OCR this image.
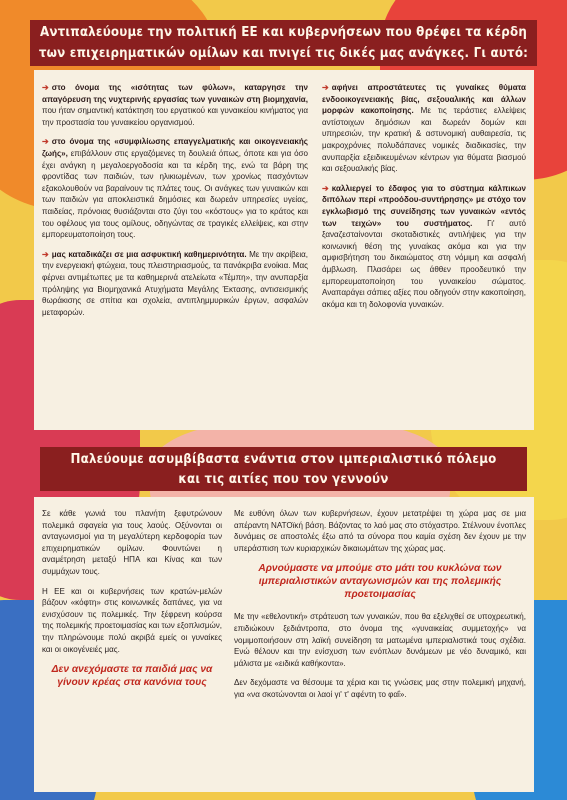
Αντιπαλεύουμε την πολιτική ΕΕ και κυβερνήσεων που θρέφει τα κέρδη
των επιχειρηματικών ομίλων και πνιγεί τις δικές μας ανάγκες. Γι αυτό:

➔ στο όνομα της «ισότητας των φύλων», καταργησε την απαγόρευση της νυχτερινής εργασίας των γυναικών στη βιομηχανία, που ήταν σημαντική κατάκτηση του εργατικού και γυναικείου κινήματος για την προστασία του γυναικείου οργανισμού.

➔ στο όνομα της «συμφιλίωσης επαγγελματικής και οικογενειακής ζωής», επιβάλλουν στις εργαζόμενες τη δουλειά όπως, όποτε και για όσο έχει ανάγκη η μεγαλοεργοδοσία και τα κέρδη της, ενώ τα βάρη της φροντίδας των παιδιών, των ηλικιωμένων, των χρονίως πασχόντων εξακολουθούν να βαραίνουν τις πλάτες τους. Οι ανάγκες των γυναικών και των παιδιών για αποκλειστικά δημόσιες και δωρεάν υπηρεσίες υγείας, παιδείας, πρόνοιας θυσιάζονται στο ζύγι του «κόστους» για το κράτος και του οφέλους για τους ομίλους, οδηγώντας σε τραγικές ελλείψεις, και στην εμπορευματοποίηση τους.

➔ μας καταδικάζει σε μια ασφυκτική καθημερινότητα. Με την ακρίβεια, την ενεργειακή φτώχεια, τους πλειστηριασμούς, τα πανάκριβα ενοίκια. Μας φέρνει αντιμέτωπες με τα καθημερινά ατελείωτα «Τέμπη», την ανυπαρξία πρόληψης για Βιομηχανικά Ατυχήματα Μεγάλης Έκτασης, αντισεισμικής θωράκισης σε σπίτια και σχολεία, αντιπλημμυρικών έργων, ασφαλών μεταφορών.

➔ αφήνει απροστάτευτες τις γυναίκες θύματα ενδοοικογενειακής βίας, σεξουαλικής και άλλων μορφών κακοποίησης. Με τις τεράστιες ελλείψεις αντίστοιχων δημόσιων και δωρεάν δομών και υπηρεσιών, την κρατική & αστυνομική αυθαιρεσία, τις μακροχρόνιες πολυδάπανες νομικές διαδικασίες, την ανυπαρξία εξειδικευμένων κέντρων για θύματα βιασμού και σεξουαλικής βίας.

➔ καλλιεργεί το έδαφος για το σύστημα κάλπικων διπόλων περί «προόδου-συντήρησης» με στόχο τον εγκλωβισμό της συνείδησης των γυναικών «εντός των τειχών» του συστήματος. Γι' αυτό ξαναζεσταίνονται σκοταδιστικές αντιλήψεις για την κοινωνική θέση της γυναίκας ακόμα και για την αμφισβήτηση του δικαιώματος στη νόμιμη και ασφαλή άμβλωση. Πλασάρει ως άθθεν προοδευτικό την εμπορευματοποίηση του γυναικείου σώματος. Αναπαράγει σάπιες αξίες που οδηγούν στην κακοποίηση, ακόμα και τη δολοφονία γυναικών.

Παλεύουμε ασυμβίβαστα ενάντια στον ιμπεριαλιστικό πόλεμο
και τις αιτίες που τον γεννούν

Σε κάθε γωνιά του πλανήτη ξεφυτρώνουν πολεμικά σφαγεία για τους λαούς. Οξύνονται οι ανταγωνισμοί για τη μεγαλύτερη κερδοφορία των επιχειρηματικών ομίλων. Φουντώνει η αναμέτρηση μεταξύ ΗΠΑ και Κίνας και των συμμάχων τους.

Η ΕΕ και οι κυβερνήσεις των κρατών-μελών βάζουν «κόφτη» στις κοινωνικές δαπάνες, για να ενισχύσουν τις πολεμικές. Την ξέφρενη κούρσα της πολεμικής προετοιμασίας και των εξοπλισμών, την πληρώνουμε πολύ ακριβά εμείς οι γυναίκες και οι οικογένειές μας.

Δεν ανεχόμαστε τα παιδιά μας να γίνουν κρέας στα κανόνια τους

Με ευθύνη όλων των κυβερνήσεων, έχουν μετατρέψει τη χώρα μας σε μια απέραντη ΝΑΤΟϊκή βάση. Βάζοντας το λαό μας στο στόχαστρο. Στέλνουν ένοπλες δυνάμεις σε αποστολές έξω από τα σύνορα που καμία σχέση δεν έχουν με την υπεράσπιση των κυριαρχικών δικαιωμάτων της χώρας μας.

Αρνούμαστε να μπούμε στο μάτι του κυκλώνα των ιμπεριαλιστικών ανταγωνισμών και της πολεμικής προετοιμασίας

Με την «εθελοντική» στράτευση των γυναικών, που θα εξελιχθεί σε υποχρεωτική, επιδιώκουν ξεδιάντροπα, στο όνομα της «γυναικείας συμμετοχής» να νομιμοποιήσουν στη λαϊκή συνείδηση τα ματωμένα ιμπεριαλιστικά τους σχέδια. Ενώ θέλουν και την ενίσχυση των ενόπλων δυνάμεων με νέο δυναμικό, και μάλιστα με «ειδικά καθήκοντα».

Δεν δεχόμαστε να θέσουμε τα χέρια και τις γνώσεις μας στην πολεμική μηχανή, για «να σκοτώνονται οι λαοί γι' τ' αφέντη το φαΐ».
